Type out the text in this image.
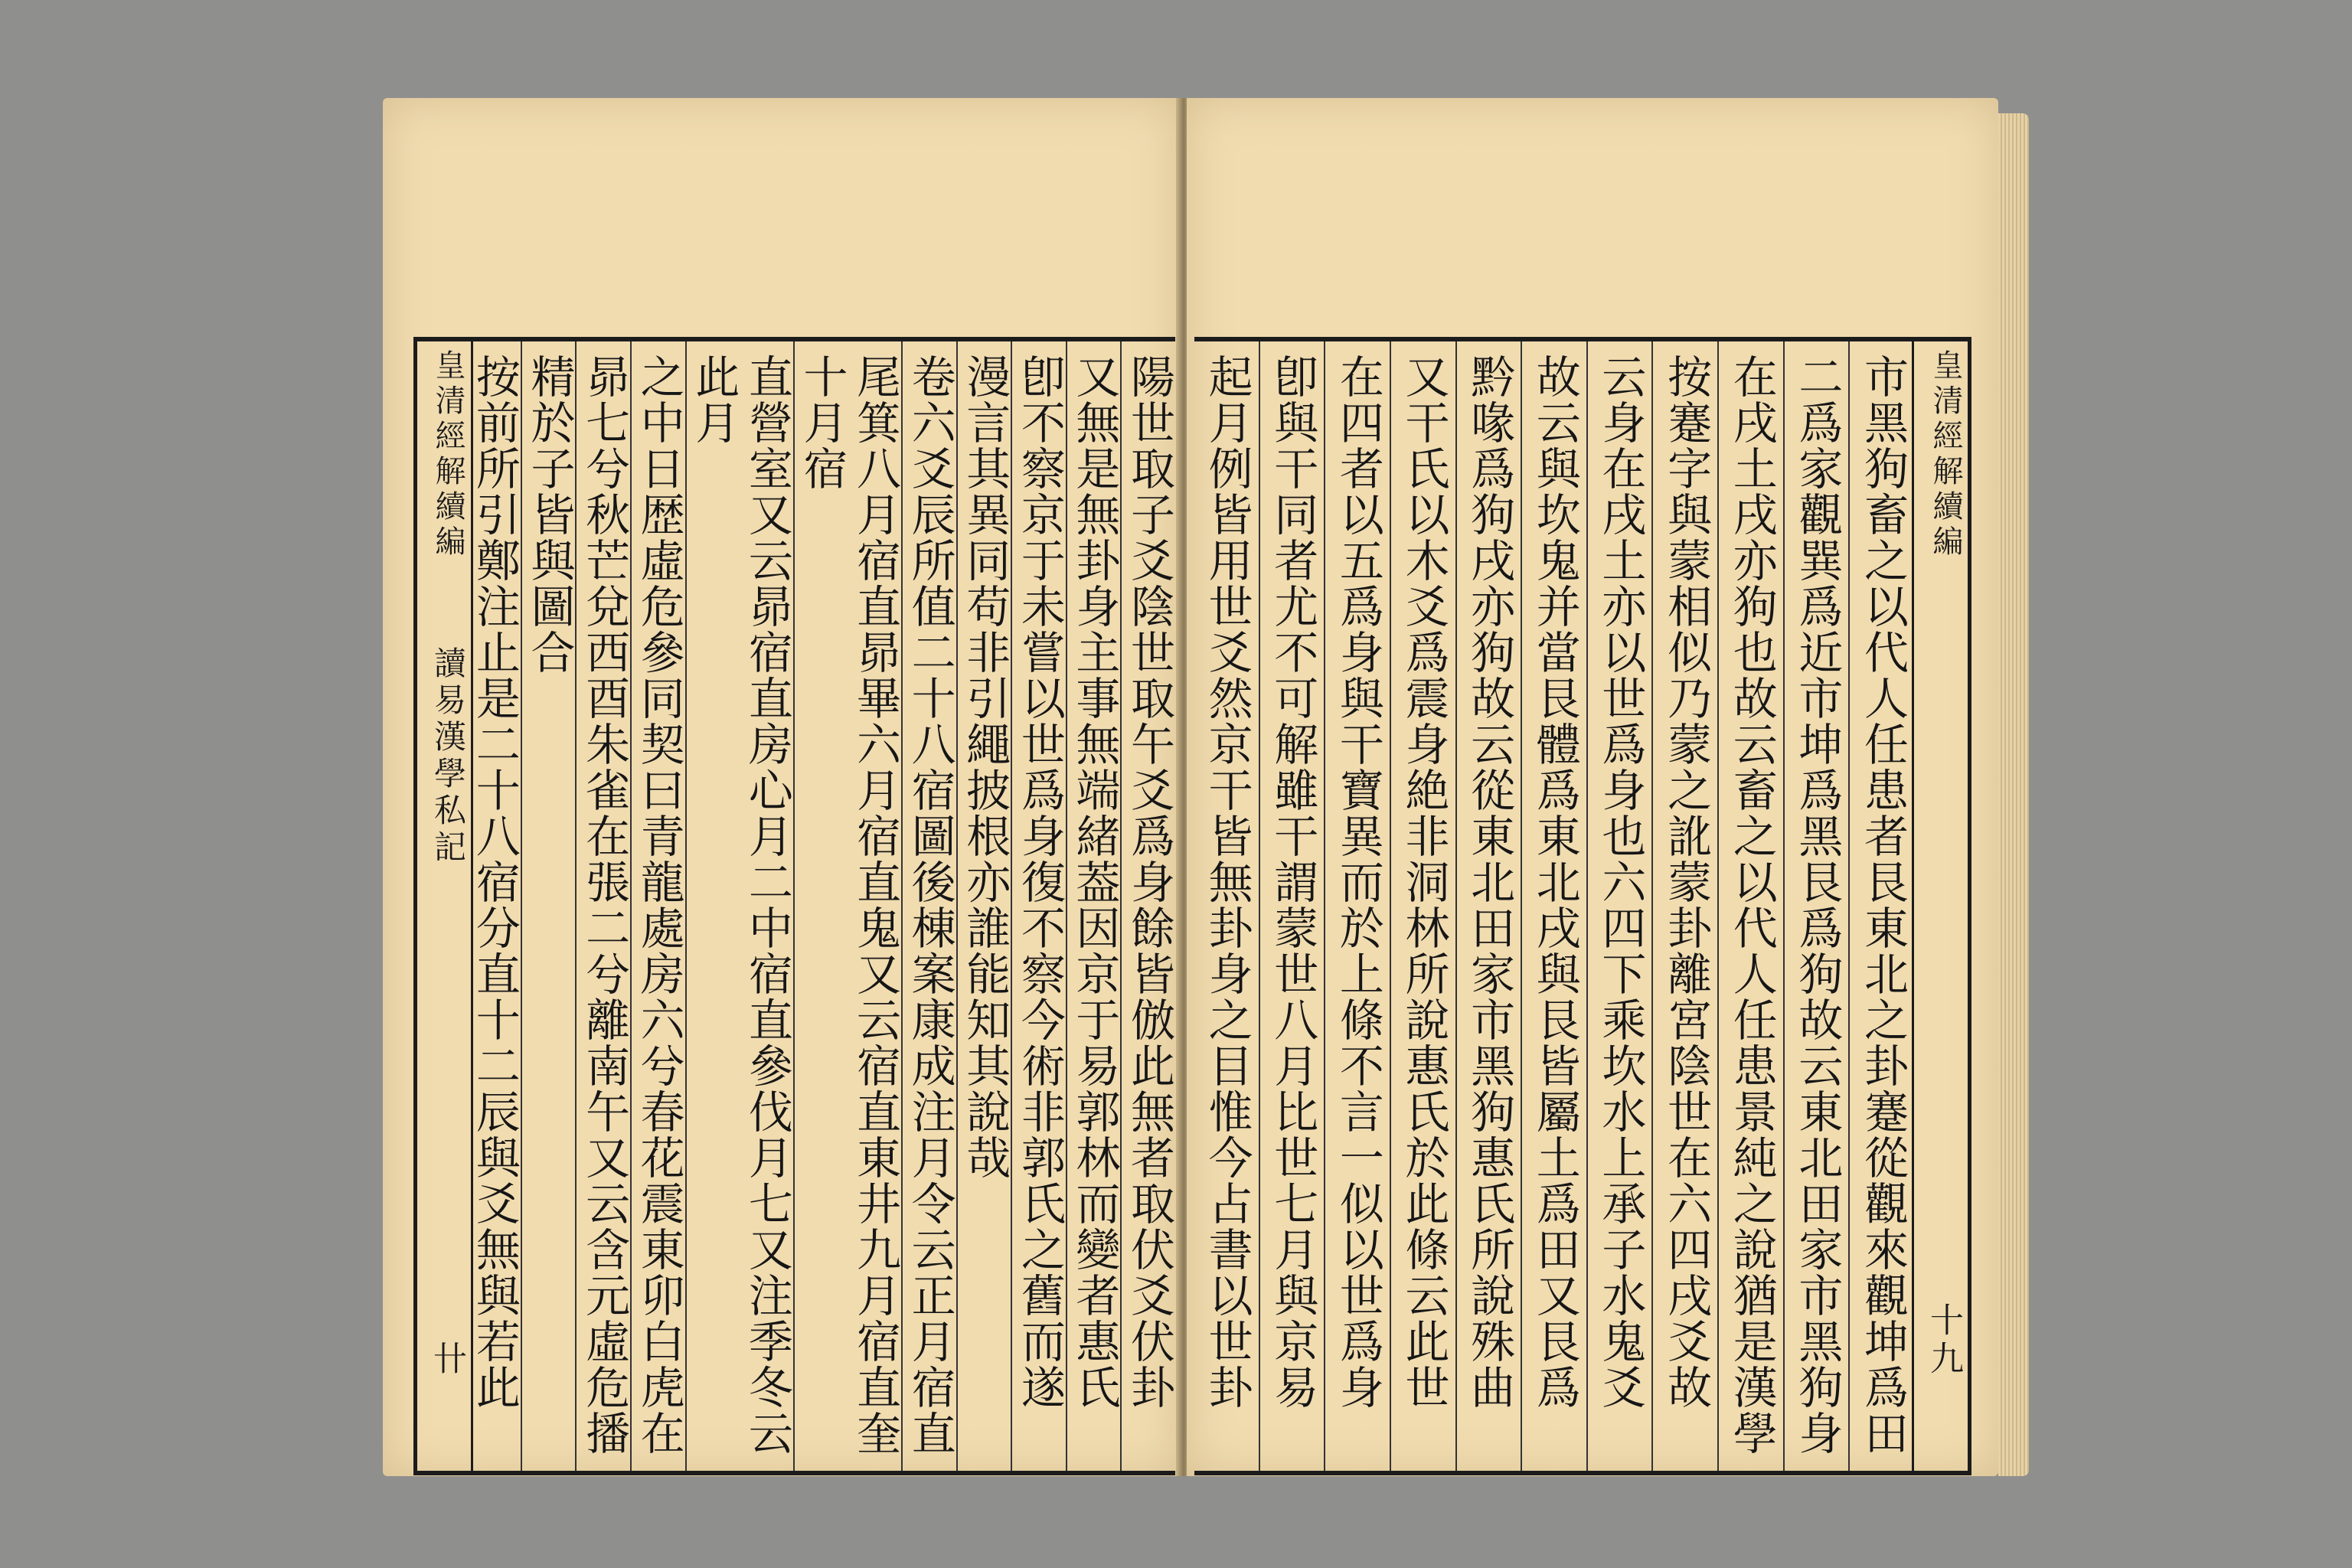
陽世取子爻陰世取午爻爲身餘皆倣此無者取伏爻伏卦
又無是無卦身主事無端緒葢因京于易郭林而變者惠氏
卽不察京于未嘗以世爲身復不察今術非郭氏之舊而遂
漫言其異同苟非引繩披根亦誰能知其說哉
卷六爻辰所值二十八宿圖後棟案康成注月令云正月宿直
尾箕八月宿直昴畢六月宿直鬼又云宿直東井九月宿直奎十月宿
直營室又云昴宿直房心月二中宿直參伐月七又注季冬云此月
之中日歴虛危參同契曰青龍處房六兮春花震東卯白虎在
昴七兮秋芒兌西酉朱雀在張二兮離南午又云含元虛危播
精於子皆與圖合
按前所引鄭注止是二十八宿分直十二辰與爻無與若此
皇清經解續編 讀易漢學私記
卄	市黑狗畜之以代人任患者艮東北之卦蹇從觀來觀坤爲田
二爲家觀巽爲近市坤爲黑艮爲狗故云東北田家市黑狗身
在戌土戌亦狗也故云畜之以代人任患景純之說猶是漢學
按蹇字與蒙相似乃蒙之訛蒙卦離宮陰世在六四戌爻故
云身在戌土亦以世爲身也六四下乘坎水上承子水鬼爻
故云與坎鬼并當艮體爲東北戌與艮皆屬土爲田又艮爲
黔喙爲狗戌亦狗故云從東北田家市黑狗惠氏所說殊曲
又干氏以木爻爲震身絶非洞林所說惠氏於此條云此世
在四者以五爲身與干寶異而於上條不言一似以世爲身
卽與干同者尤不可解雖干謂蒙世八月比世七月與京易
起月例皆用世爻然京干皆無卦身之目惟今占書以世卦	皇清經解續編
十九
